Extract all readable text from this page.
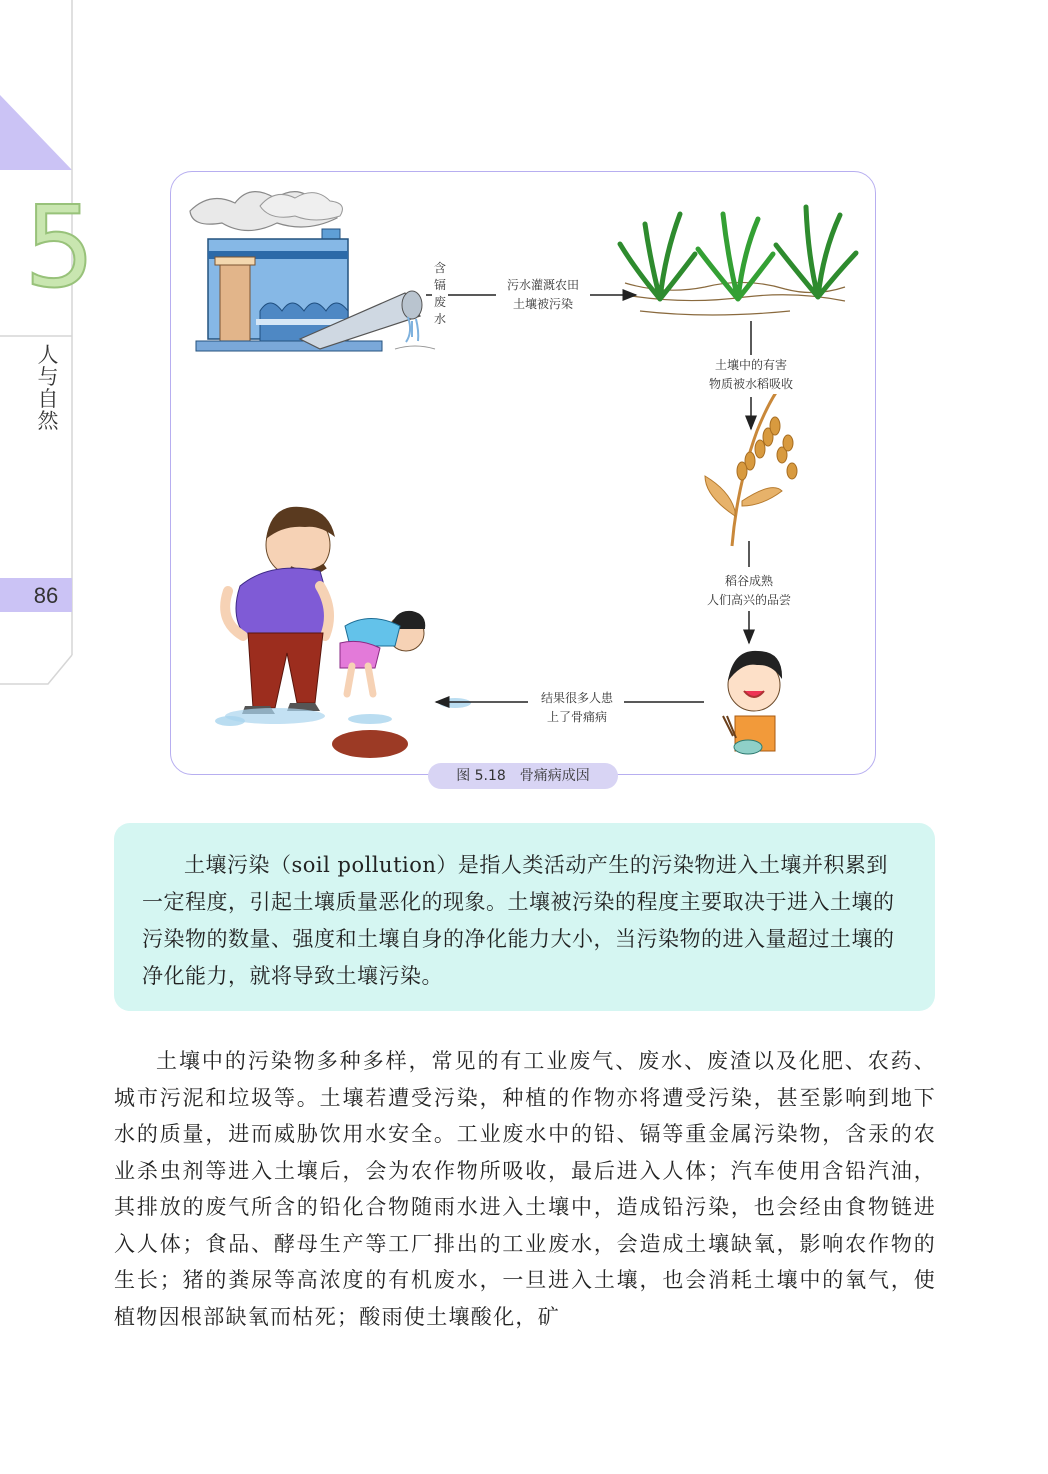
5
人
与
自
然
86
含
镉
废
水
污水灌溉农田
土壤被污染
土壤中的有害
物质被水稻吸收
稻谷成熟
人们高兴的品尝
结果很多人患
上了骨痛病
图 5.18　骨痛病成因

土壤污染（soil pollution）是指人类活动产生的污染物进入土壤并积累到一定程度，引起土壤质量恶化的现象。土壤被污染的程度主要取决于进入土壤的污染物的数量、强度和土壤自身的净化能力大小，当污染物的进入量超过土壤的净化能力，就将导致土壤污染。

土壤中的污染物多种多样，常见的有工业废气、废水、废渣以及化肥、农药、城市污泥和垃圾等。土壤若遭受污染，种植的作物亦将遭受污染，甚至影响到地下水的质量，进而威胁饮用水安全。工业废水中的铅、镉等重金属污染物，含汞的农业杀虫剂等进入土壤后，会为农作物所吸收，最后进入人体；汽车使用含铅汽油，其排放的废气所含的铅化合物随雨水进入土壤中，造成铅污染，也会经由食物链进入人体；食品、酵母生产等工厂排出的工业废水，会造成土壤缺氧，影响农作物的生长；猪的粪尿等高浓度的有机废水，一旦进入土壤，也会消耗土壤中的氧气，使植物因根部缺氧而枯死；酸雨使土壤酸化，矿
